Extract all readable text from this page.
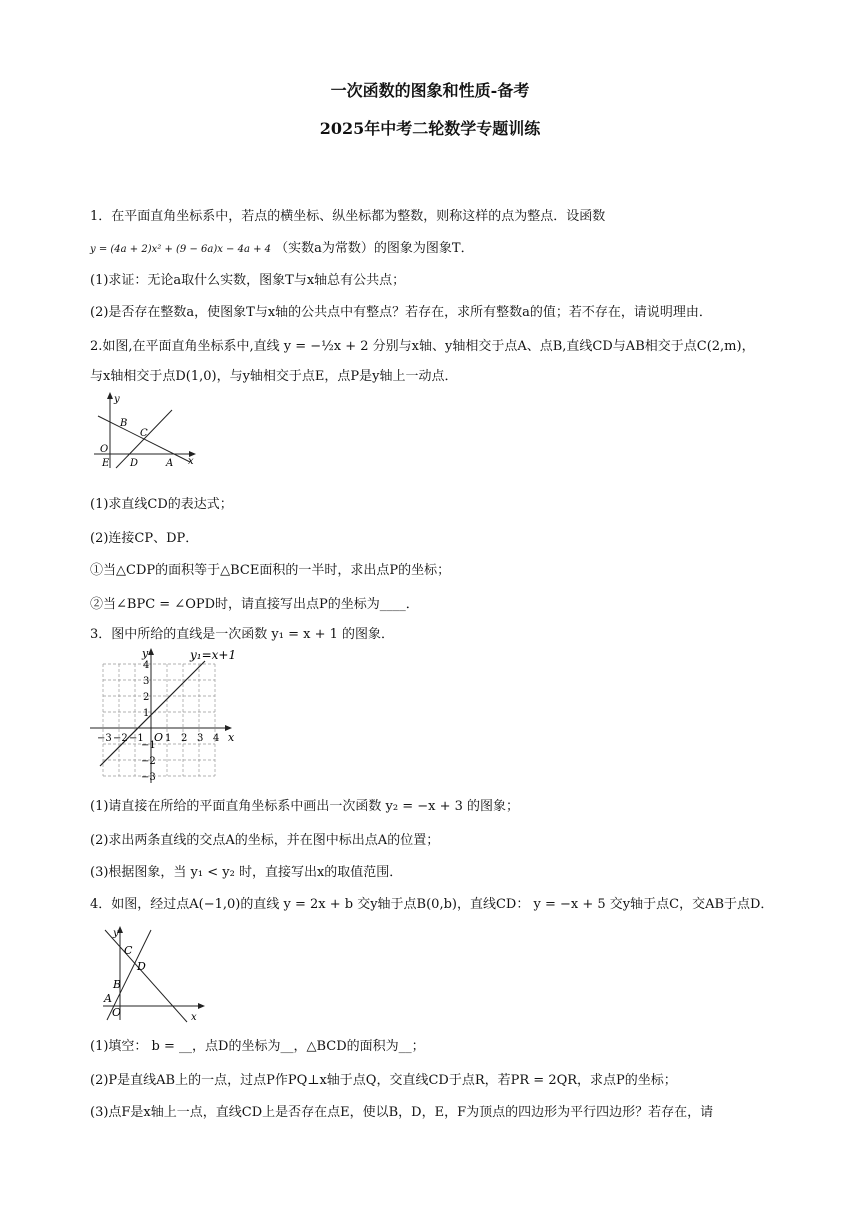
一次函数的图象和性质-备考
2025年中考二轮数学专题训练
1．在平面直角坐标系中，若点的横坐标、纵坐标都为整数，则称这样的点为整点．设函数
y = (4a + 2)x² + (9 − 6a)x − 4a + 4 （实数a为常数）的图象为图象T．
(1)求证：无论a取什么实数，图象T与x轴总有公共点；
(2)是否存在整数a，使图象T与x轴的公共点中有整点？若存在，求所有整数a的值；若不存在，请说明理由．
2.如图,在平面直角坐标系中,直线 y = −½x + 2 分别与x轴、y轴相交于点A、点B,直线CD与AB相交于点C(2,m)，
与x轴相交于点D(1,0)，与y轴相交于点E，点P是y轴上一动点．
y
B
C
O
E D	A x
(1)求直线CD的表达式；
(2)连接CP、DP．
①当△CDP的面积等于△BCE面积的一半时，求出点P的坐标；
②当∠BPC = ∠OPD时，请直接写出点P的坐标为____．
3．图中所给的直线是一次函数 y₁ = x + 1 的图象．
y₁=x+1
y
x
O
−3 −2 −1 1 2 3 4
4
3
2
1
−1
−2
−3
(1)请直接在所给的平面直角坐标系中画出一次函数 y₂ = −x + 3 的图象；
(2)求出两条直线的交点A的坐标，并在图中标出点A的位置；
(3)根据图象，当 y₁ < y₂ 时，直接写出x的取值范围．
4．如图，经过点A(−1,0)的直线 y = 2x + b 交y轴于点B(0,b)，直线CD： y = −x + 5 交y轴于点C，交AB于点D．
y
C
D
B
A
O	x
(1)填空： b = __，点D的坐标为__，△BCD的面积为__；
(2)P是直线AB上的一点，过点P作PQ⊥x轴于点Q，交直线CD于点R，若PR = 2QR，求点P的坐标；
(3)点F是x轴上一点，直线CD上是否存在点E，使以B，D，E，F为顶点的四边形为平行四边形？若存在，请
